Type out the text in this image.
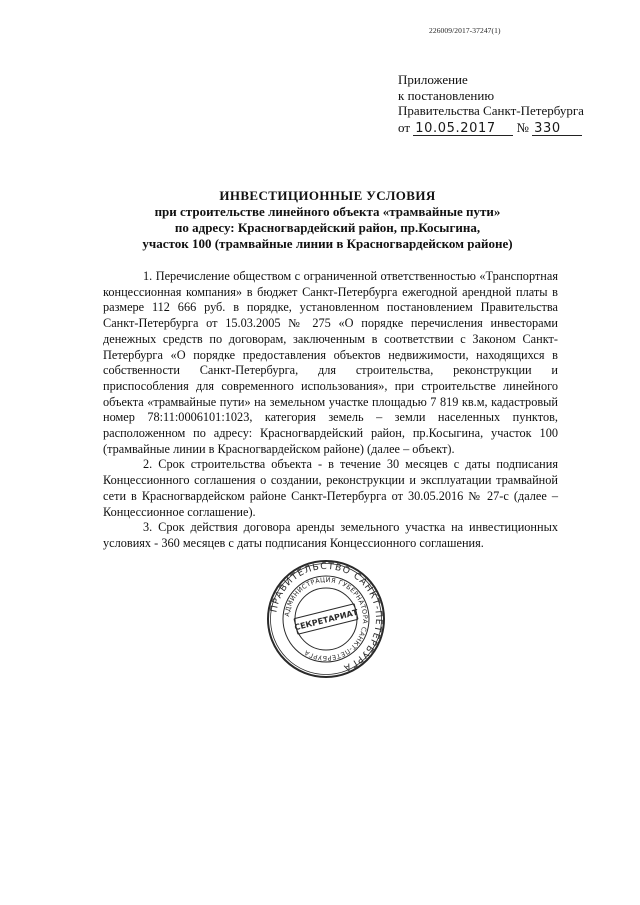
226009/2017-37247(1)
Приложение
к постановлению
Правительства Санкт-Петербурга
от 10.05.2017 № 330
ИНВЕСТИЦИОННЫЕ УСЛОВИЯ
при строительстве линейного объекта «трамвайные пути»
по адресу: Красногвардейский район, пр.Косыгина,
участок 100 (трамвайные линии в Красногвардейском районе)

1. Перечисление обществом с ограниченной ответственностью «Транспортная концессионная компания» в бюджет Санкт-Петербурга ежегодной арендной платы в размере 112 666 руб. в порядке, установленном постановлением Правительства Санкт-Петербурга от 15.03.2005 № 275 «О порядке перечисления инвесторами денежных средств по договорам, заключенным в соответствии с Законом Санкт-Петербурга «О порядке предоставления объектов недвижимости, находящихся в собственности Санкт-Петербурга, для строительства, реконструкции и приспособления для современного использования», при строительстве линейного объекта «трамвайные пути» на земельном участке площадью 7 819 кв.м, кадастровый номер 78:11:0006101:1023, категория земель – земли населенных пунктов, расположенном по адресу: Красногвардейский район, пр.Косыгина, участок 100 (трамвайные линии в Красногвардейском районе) (далее – объект).

2. Срок строительства объекта - в течение 30 месяцев с даты подписания Концессионного соглашения о создании, реконструкции и эксплуатации трамвайной сети в Красногвардейском районе Санкт-Петербурга от 30.05.2016 № 27-с (далее – Концессионное соглашение).

3. Срок действия договора аренды земельного участка на инвестиционных условиях - 360 месяцев с даты подписания Концессионного соглашения.

ПРАВИТЕЛЬСТВО САНКТ-ПЕТЕРБУРГА
АДМИНИСТРАЦИЯ ГУБЕРНАТОРА САНКТ-ПЕТЕРБУРГА
СЕКРЕТАРИАТ
